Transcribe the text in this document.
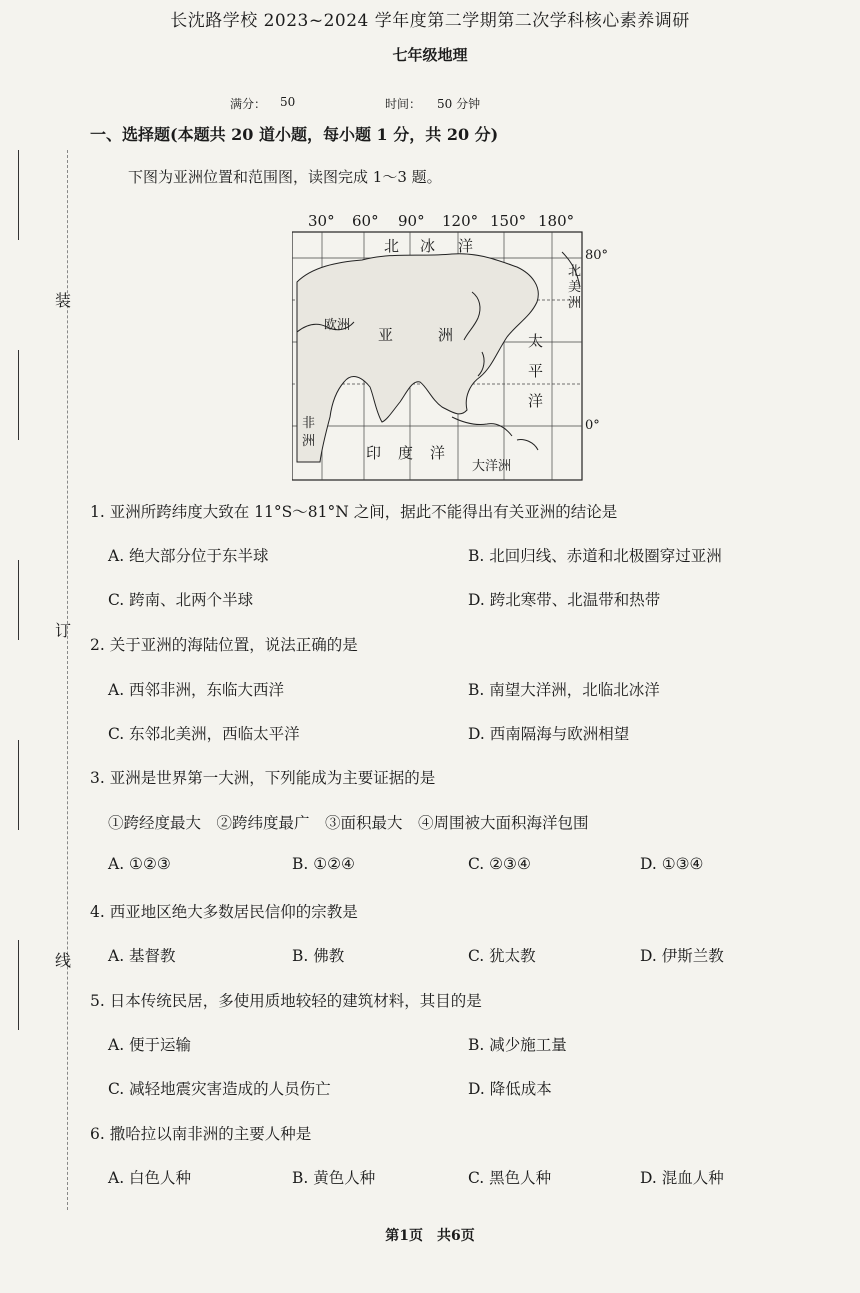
装
订
线
长沈路学校 2023~2024 学年度第二学期第二次学科核心素养调研
七年级地理
满分： 50	时间： 50 分钟
一、选择题(本题共 20 道小题，每小题 1 分，共 20 分)
下图为亚洲位置和范围图，读图完成 1～3 题。
30° 60° 90° 120° 150° 180°
80°
0°
北 冰 洋
欧洲
亚	洲	太
平
洋
北
美
洲
非
洲
印 度 洋
大洋洲
1. 亚洲所跨纬度大致在 11°S～81°N 之间，据此不能得出有关亚洲的结论是
A. 绝大部分位于东半球	B. 北回归线、赤道和北极圈穿过亚洲
C. 跨南、北两个半球	D. 跨北寒带、北温带和热带
2. 关于亚洲的海陆位置，说法正确的是
A. 西邻非洲，东临大西洋	B. 南望大洋洲，北临北冰洋
C. 东邻北美洲，西临太平洋	D. 西南隔海与欧洲相望
3. 亚洲是世界第一大洲，下列能成为主要证据的是
①跨经度最大　②跨纬度最广　③面积最大　④周围被大面积海洋包围
A. ①②③	B. ①②④	C. ②③④	D. ①③④
4. 西亚地区绝大多数居民信仰的宗教是
A. 基督教	B. 佛教	C. 犹太教	D. 伊斯兰教
5. 日本传统民居，多使用质地较轻的建筑材料，其目的是
A. 便于运输	B. 减少施工量
C. 减轻地震灾害造成的人员伤亡	D. 降低成本
6. 撒哈拉以南非洲的主要人种是
A. 白色人种	B. 黄色人种	C. 黑色人种	D. 混血人种
第1页　共6页
